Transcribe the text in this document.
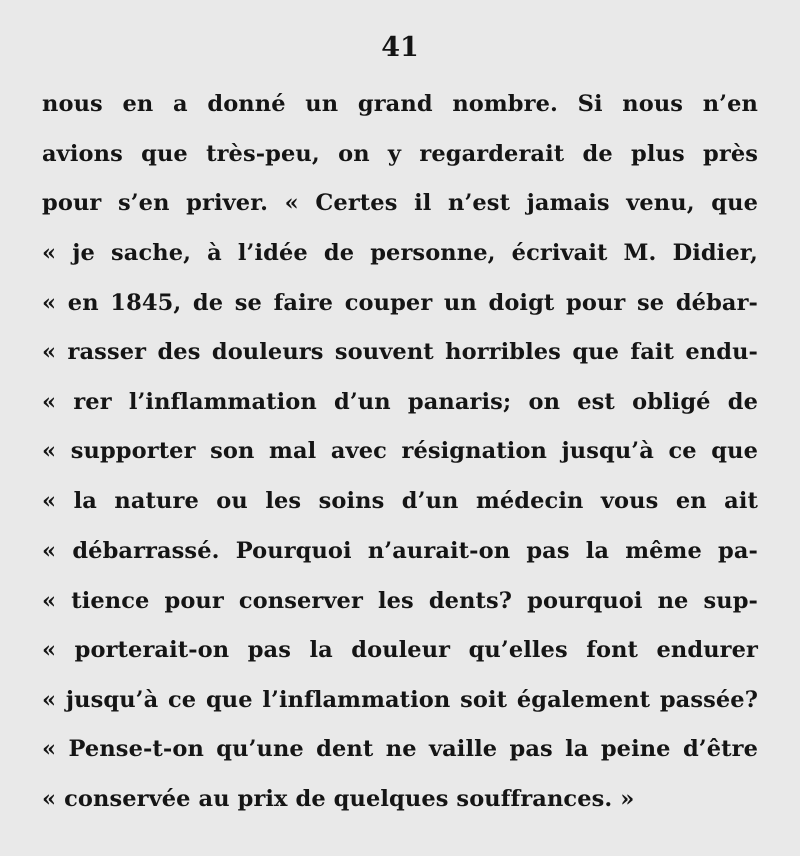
41
nous en a donné un grand nombre. Si nous n’en
avions que très-peu, on y regarderait de plus près
pour s’en priver. « Certes il n’est jamais venu, que
« je sache, à l’idée de personne, écrivait M. Didier,
« en 1845, de se faire couper un doigt pour se débar-
« rasser des douleurs souvent horribles que fait endu-
« rer l’inflammation d’un panaris; on est obligé de
« supporter son mal avec résignation jusqu’à ce que
« la nature ou les soins d’un médecin vous en ait
« débarrassé. Pourquoi n’aurait-on pas la même pa-
« tience pour conserver les dents? pourquoi ne sup-
« porterait-on pas la douleur qu’elles font endurer
« jusqu’à ce que l’inflammation soit également passée?
« Pense-t-on qu’une dent ne vaille pas la peine d’être
« conservée au prix de quelques souffrances. »
